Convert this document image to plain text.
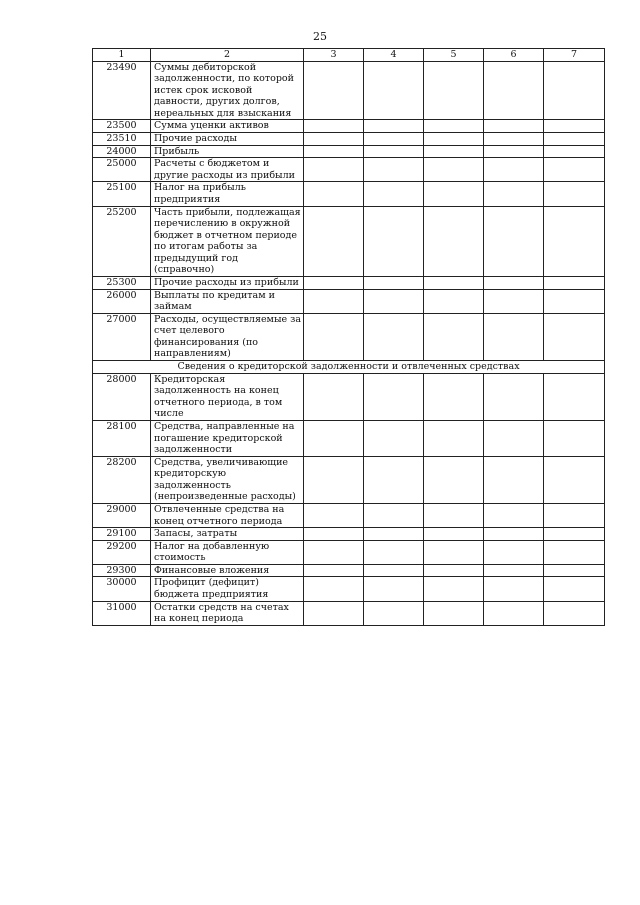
25
1	2	3	4	5	6	7
23490	Суммы дебиторской задолженности, по которой истек срок исковой давности, других долгов, нереальных для взыскания					
23500	Сумма уценки активов					
23510	Прочие расходы					
24000	Прибыль					
25000	Расчеты с бюджетом и другие расходы из прибыли					
25100	Налог на прибыль предприятия					
25200	Часть прибыли, подлежащая перечислению в окружной бюджет в отчетном периоде по итогам работы за предыдущий год (справочно)					
25300	Прочие расходы из прибыли					
26000	Выплаты по кредитам и займам					
27000	Расходы, осуществляемые за счет целевого финансирования (по направлениям)					
Сведения о кредиторской задолженности и отвлеченных средствах						
28000	Кредиторская задолженность на конец отчетного периода, в том числе					
28100	Средства, направленные на погашение кредиторской задолженности					
28200	Средства, увеличивающие кредиторскую задолженность (непроизведенные расходы)					
29000	Отвлеченные средства на конец отчетного периода					
29100	Запасы, затраты					
29200	Налог на добавленную стоимость					
29300	Финансовые вложения					
30000	Профицит (дефицит) бюджета предприятия					
31000	Остатки средств на счетах на конец периода					
